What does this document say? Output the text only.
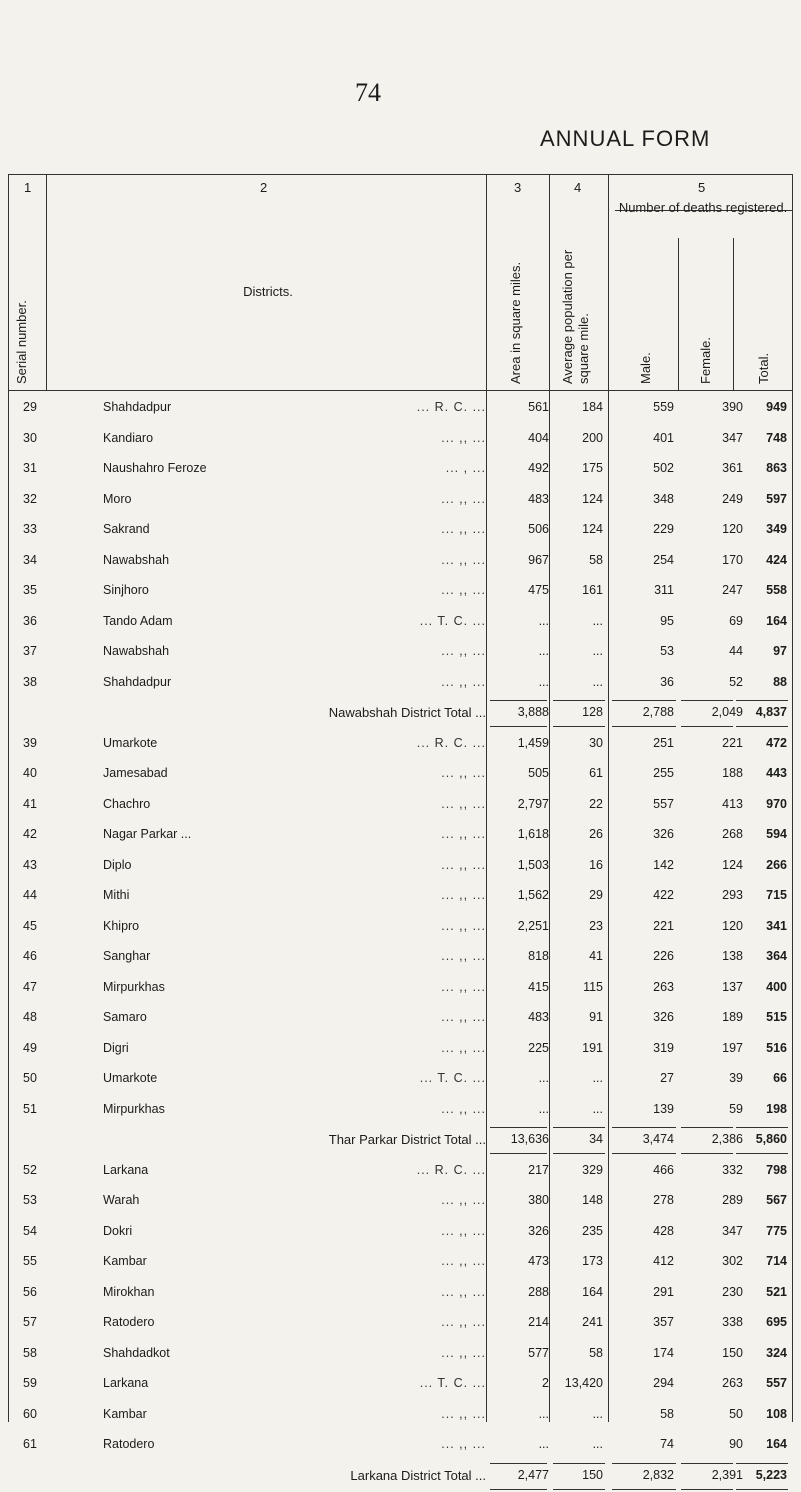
74
ANNUAL FORM
1	2	3	4	5
Serial number.
Districts.	Area in square miles.	Average population per square mile.
Number of deaths registered.
Male.	Female.	Total.
29	Shahdadpur	... R. C. ...	561	184	559	390	949
30	Kandiaro	... ,, ...	404	200	401	347	748
31	Naushahro Feroze	... , ...	492	175	502	361	863
32	Moro	... ,, ...	483	124	348	249	597
33	Sakrand	... ,, ...	506	124	229	120	349
34	Nawabshah	... ,, ...	967	58	254	170	424
35	Sinjhoro	... ,, ...	475	161	311	247	558
36	Tando Adam	... T. C. ...	...	...	95	69	164
37	Nawabshah	... ,, ...	...	...	53	44	97
38	Shahdadpur	... ,, ...	...	...	36	52	88
Nawabshah District Total ...	3,888	128	2,788	2,049	4,837
39	Umarkote	... R. C. ...	1,459	30	251	221	472
40	Jamesabad	... ,, ...	505	61	255	188	443
41	Chachro	... ,, ...	2,797	22	557	413	970
42	Nagar Parkar ...	... ,, ...	1,618	26	326	268	594
43	Diplo	... ,, ...	1,503	16	142	124	266
44	Mithi	... ,, ...	1,562	29	422	293	715
45	Khipro	... ,, ...	2,251	23	221	120	341
46	Sanghar	... ,, ...	818	41	226	138	364
47	Mirpurkhas	... ,, ...	415	115	263	137	400
48	Samaro	... ,, ...	483	91	326	189	515
49	Digri	... ,, ...	225	191	319	197	516
50	Umarkote	... T. C. ...	...	...	27	39	66
51	Mirpurkhas	... ,, ...	...	...	139	59	198
Thar Parkar District Total ...	13,636	34	3,474	2,386	5,860
52	Larkana	... R. C. ...	217	329	466	332	798
53	Warah	... ,, ...	380	148	278	289	567
54	Dokri	... ,, ...	326	235	428	347	775
55	Kambar	... ,, ...	473	173	412	302	714
56	Mirokhan	... ,, ...	288	164	291	230	521
57	Ratodero	... ,, ...	214	241	357	338	695
58	Shahdadkot	... ,, ...	577	58	174	150	324
59	Larkana	... T. C. ...	2	13,420	294	263	557
60	Kambar	... ,, ...	...	...	58	50	108
61	Ratodero	... ,, ...	...	...	74	90	164
Larkana District Total ...	2,477	150	2,832	2,391	5,223
